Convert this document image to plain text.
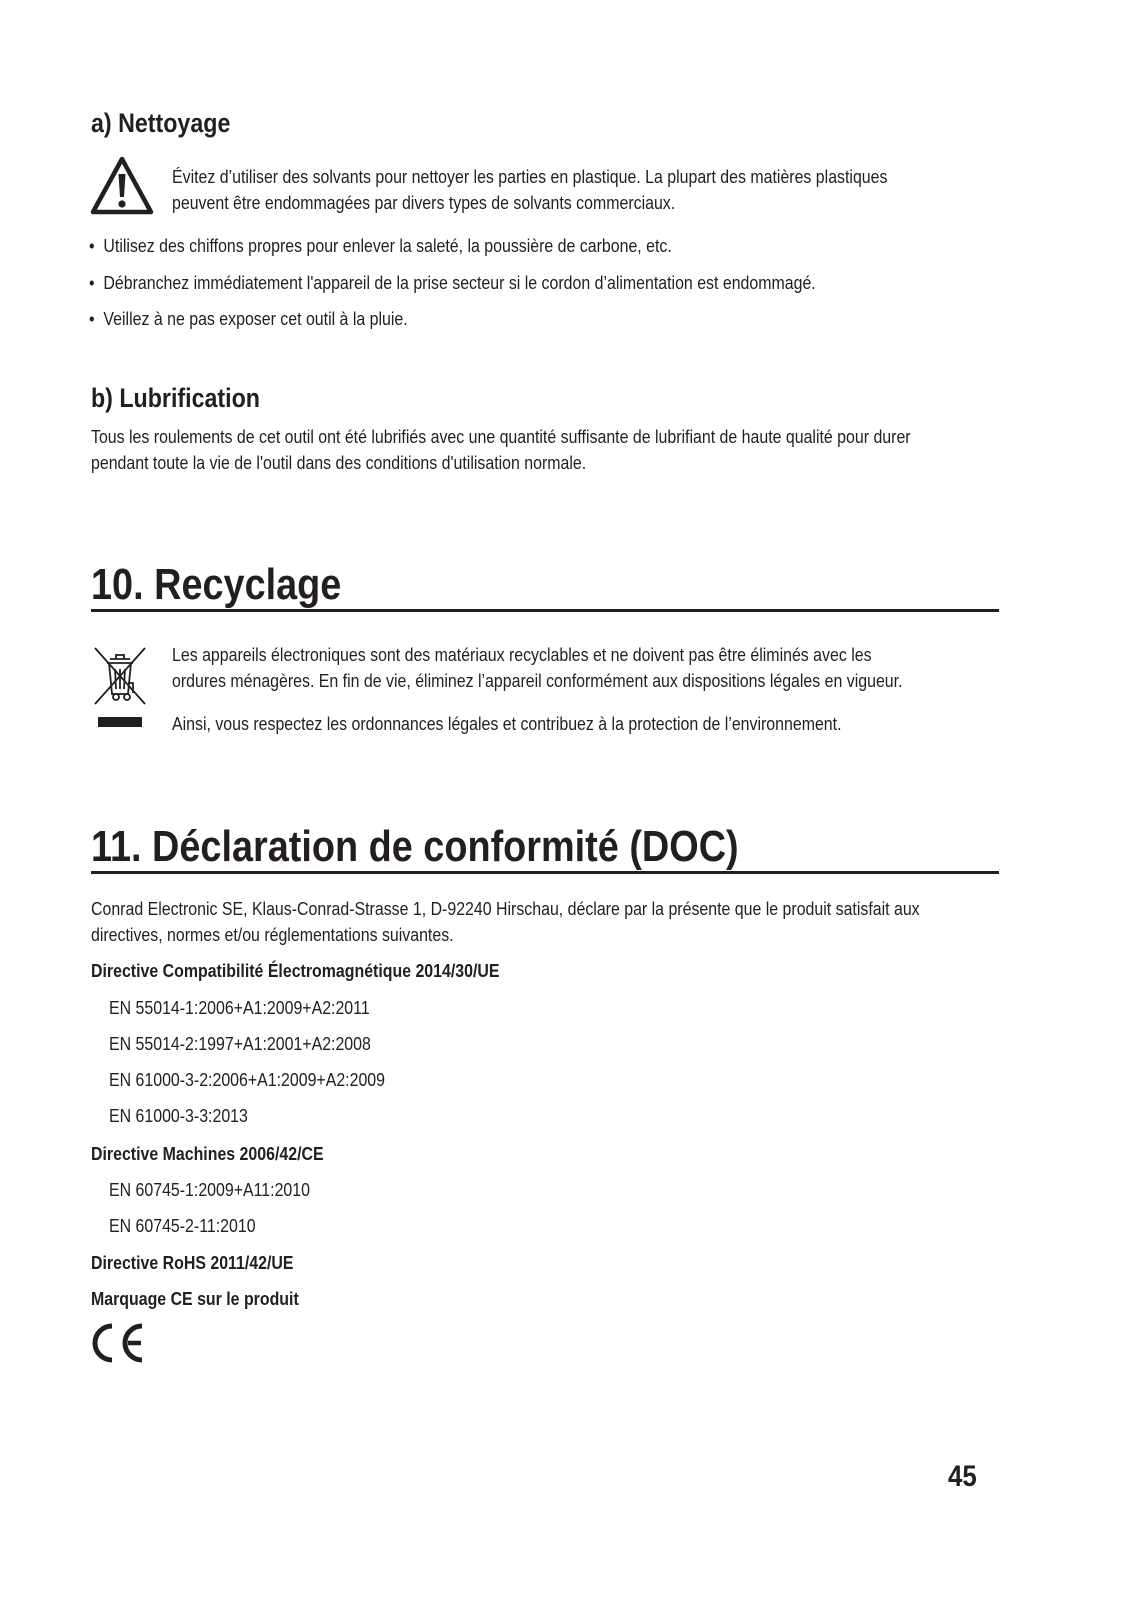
a) Nettoyage
Évitez d’utiliser des solvants pour nettoyer les parties en plastique. La plupart des matières plastiques
peuvent être endommagées par divers types de solvants commerciaux.
•  Utilisez des chiffons propres pour enlever la saleté, la poussière de carbone, etc.
•  Débranchez immédiatement l'appareil de la prise secteur si le cordon d’alimentation est endommagé.
•  Veillez à ne pas exposer cet outil à la pluie.
b) Lubrification
Tous les roulements de cet outil ont été lubrifiés avec une quantité suffisante de lubrifiant de haute qualité pour durer
pendant toute la vie de l'outil dans des conditions d'utilisation normale.
10. Recyclage
Les appareils électroniques sont des matériaux recyclables et ne doivent pas être éliminés avec les
ordures ménagères. En fin de vie, éliminez l’appareil conformément aux dispositions légales en vigueur.
Ainsi, vous respectez les ordonnances légales et contribuez à la protection de l’environnement.
11. Déclaration de conformité (DOC)
Conrad Electronic SE, Klaus-Conrad-Strasse 1, D-92240 Hirschau, déclare par la présente que le produit satisfait aux
directives, normes et/ou réglementations suivantes.
Directive Compatibilité Électromagnétique 2014/30/UE
EN 55014-1:2006+A1:2009+A2:2011
EN 55014-2:1997+A1:2001+A2:2008
EN 61000-3-2:2006+A1:2009+A2:2009
EN 61000-3-3:2013
Directive Machines 2006/42/CE
EN 60745-1:2009+A11:2010
EN 60745-2-11:2010
Directive RoHS 2011/42/UE
Marquage CE sur le produit
45
